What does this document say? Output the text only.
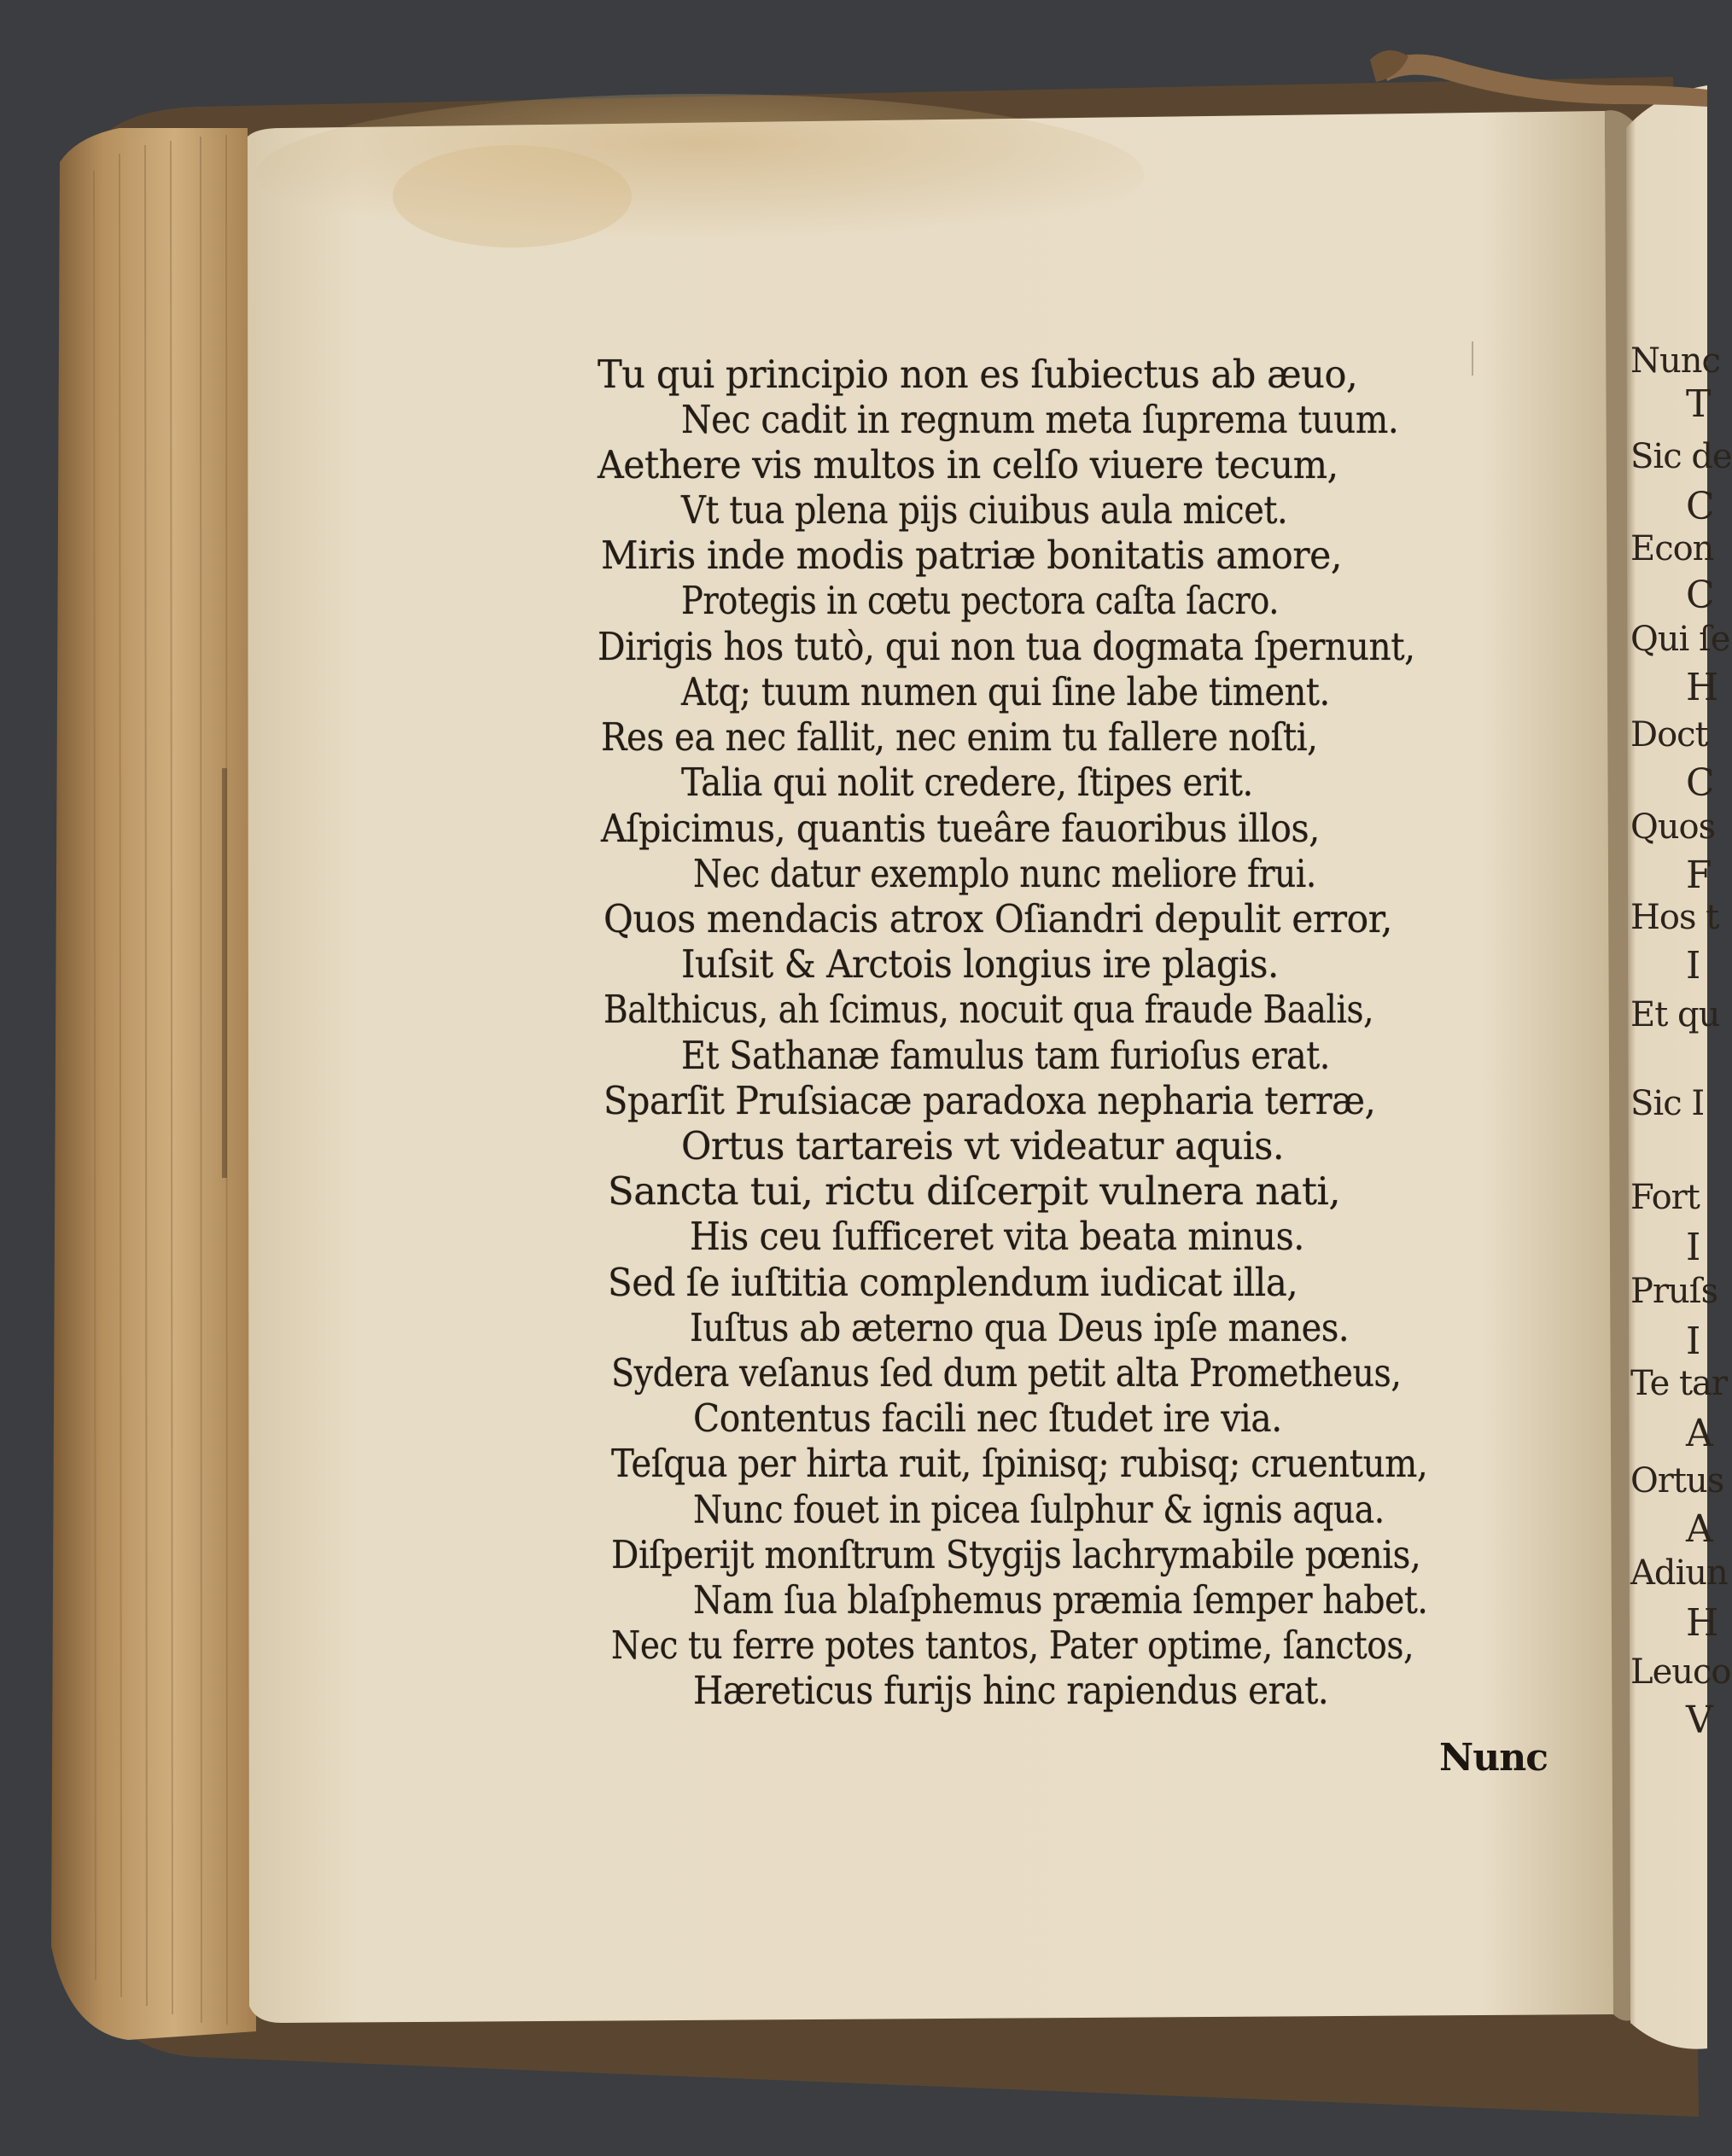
Tu qui principio non es ſubiectus ab æuo,
Nec cadit in regnum meta ſuprema tuum.
Aethere vis multos in celſo viuere tecum,
Vt tua plena pijs ciuibus aula micet.
Miris inde modis patriæ bonitatis amore,
Protegis in cœtu pectora caſta ſacro.
Dirigis hos tutò, qui non tua dogmata ſpernunt,
Atq; tuum numen qui ſine labe timent.
Res ea nec fallit, nec enim tu fallere noſti,
Talia qui nolit credere, ſtipes erit.
Aſpicimus, quantis tueâre fauoribus illos,
Nec datur exemplo nunc meliore frui.
Quos mendacis atrox Oſiandri depulit error,
Iuſsit & Arctois longius ire plagis.
Balthicus, ah ſcimus, nocuit qua fraude Baalis,
Et Sathanæ famulus tam furioſus erat.
Sparſit Pruſsiacæ paradoxa nepharia terræ,
Ortus tartareis vt videatur aquis.
Sancta tui, rictu diſcerpit vulnera nati,
His ceu ſufficeret vita beata minus.
Sed ſe iuſtitia complendum iudicat illa,
Iuſtus ab æterno qua Deus ipſe manes.
Sydera veſanus ſed dum petit alta Prometheus,
Contentus facili nec ſtudet ire via.
Teſqua per hirta ruit, ſpinisq; rubisq; cruentum,
Nunc fouet in picea ſulphur & ignis aqua.
Diſperijt monſtrum Stygijs lachrymabile pœnis,
Nam ſua blaſphemus præmia ſemper habet.
Nec tu ferre potes tantos, Pater optime, ſanctos,
Hæreticus furijs hinc rapiendus erat.
Nunc
T
Sic de
C
Econ
C
Qui ſe
H
Doct
C
Quos
F
Hos t
I
Et qu
Sic I
Fort
I
Pruſs
I
Te tar
A
Ortus
A
Adiun
H
Leuco
V
Nunc
